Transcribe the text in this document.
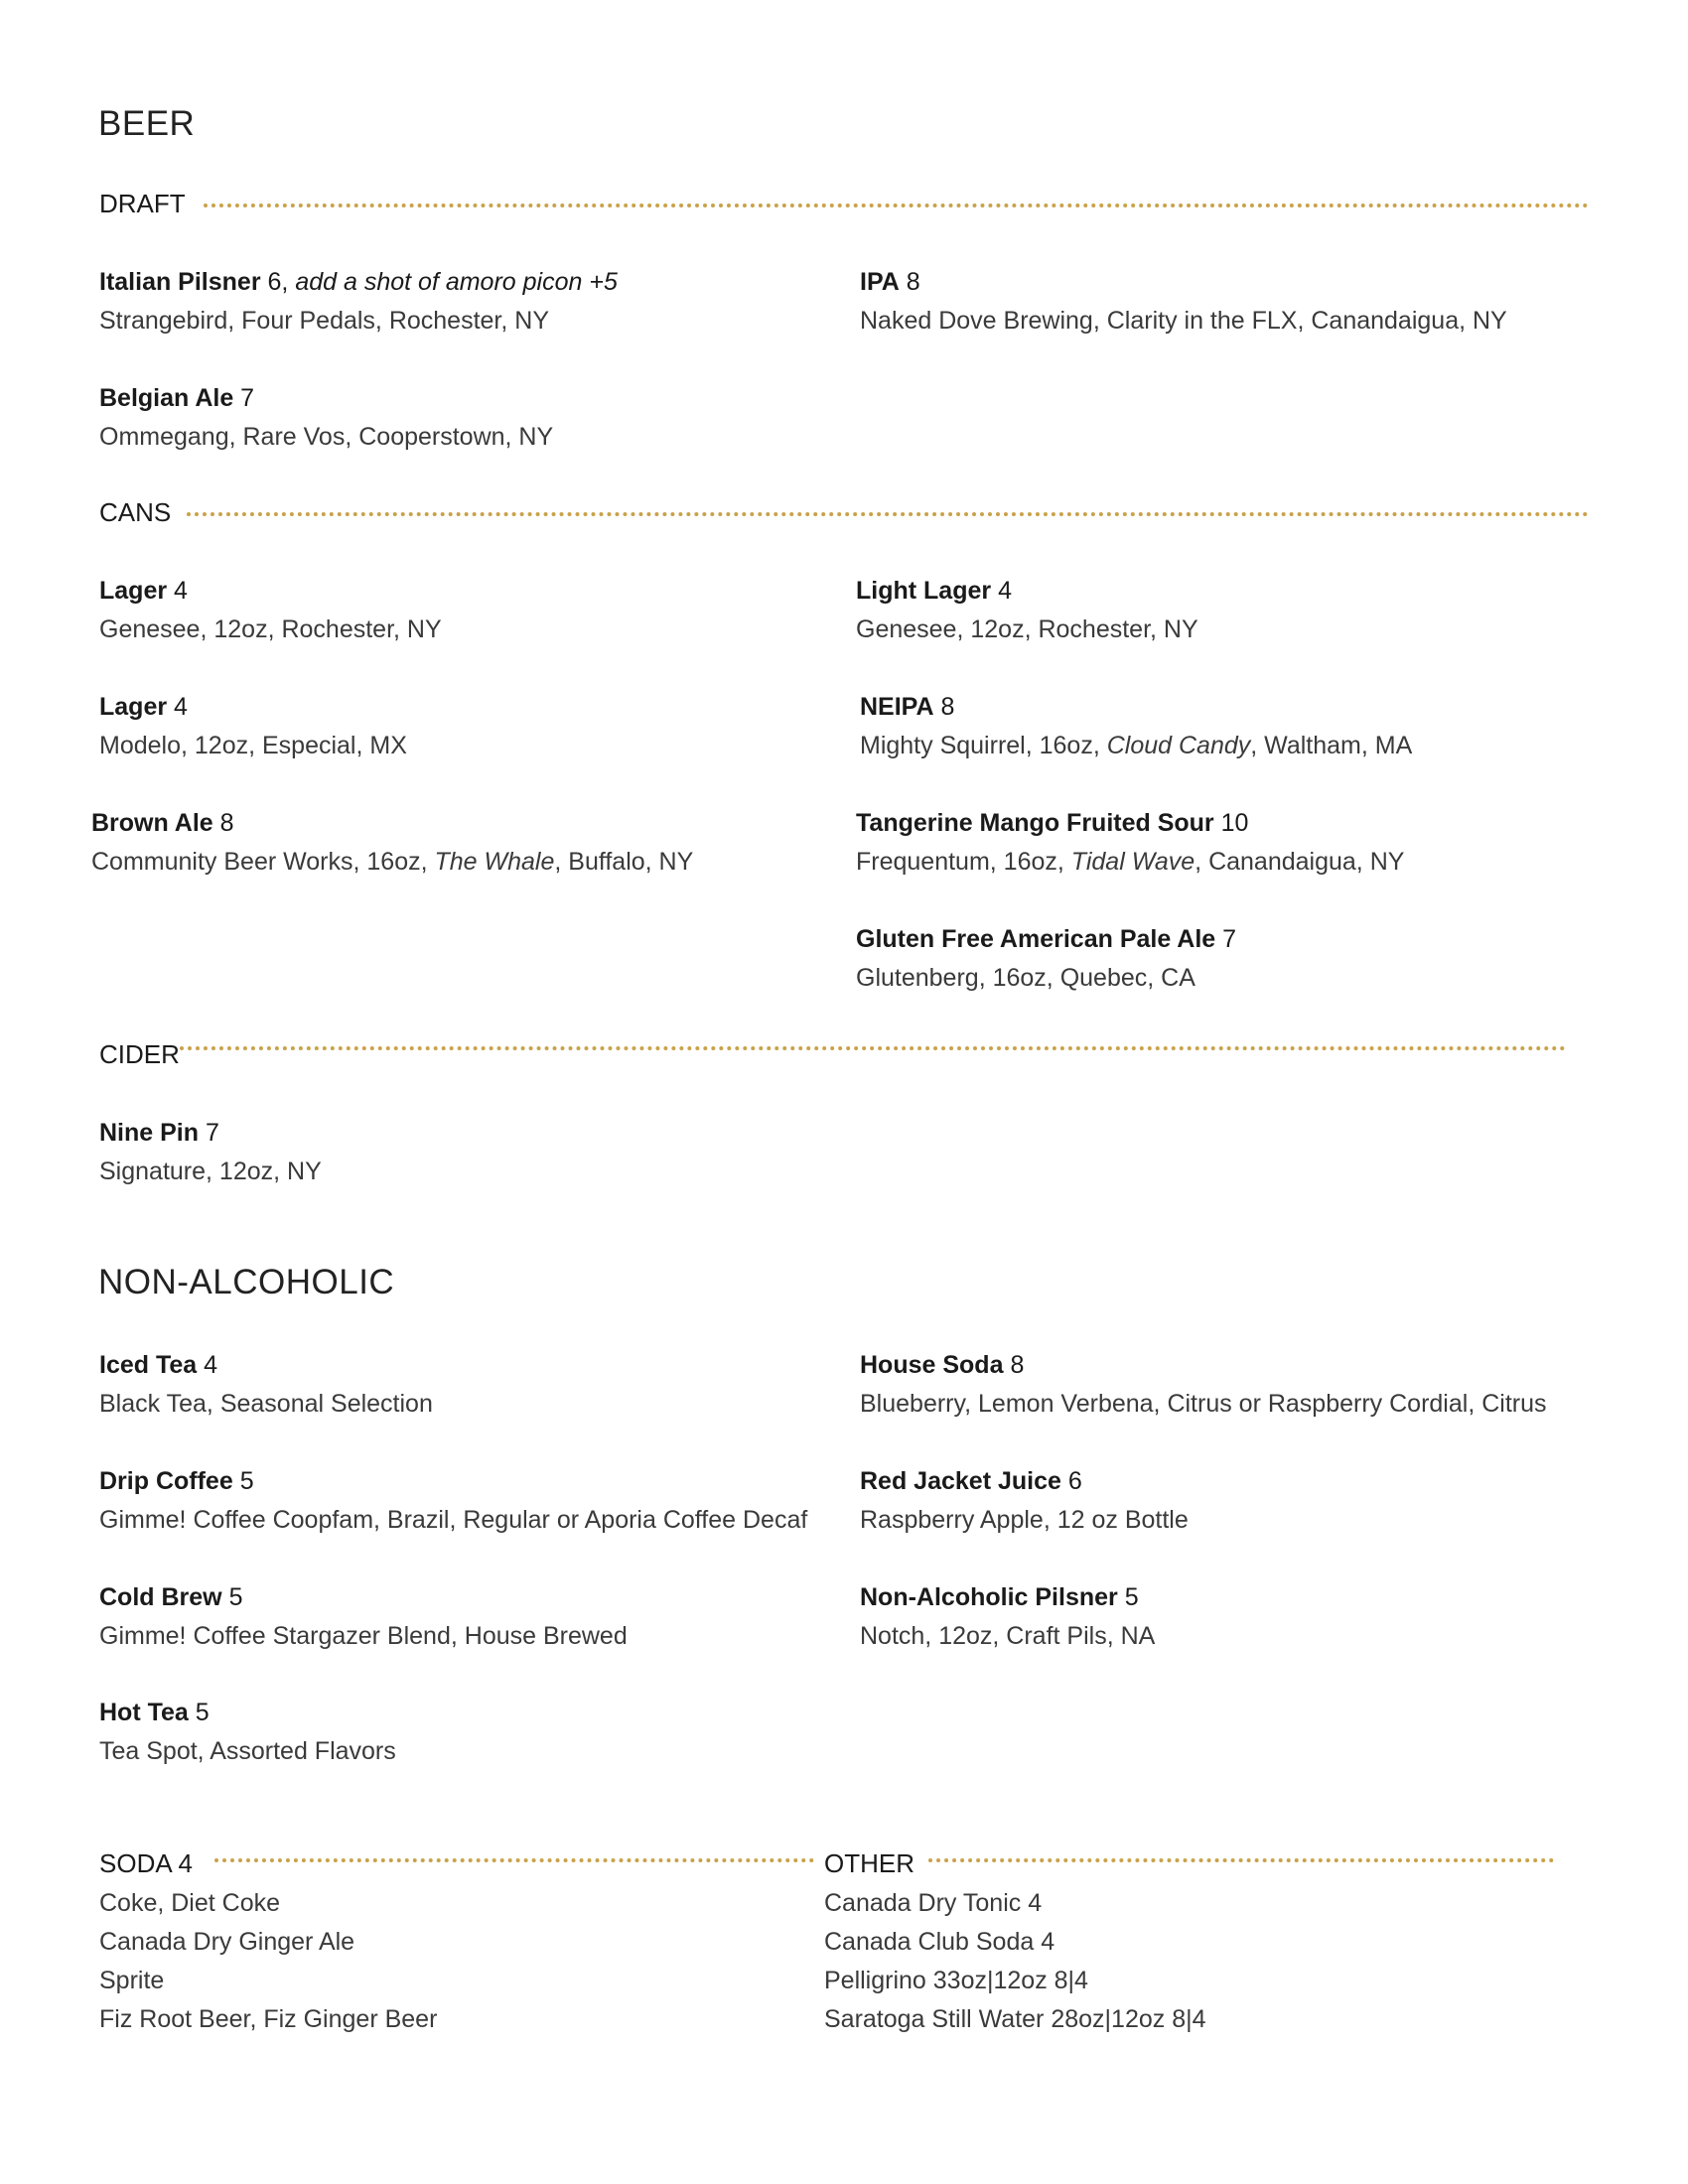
BEER
DRAFT
Italian Pilsner 6, add a shot of amoro picon +5
Strangebird, Four Pedals, Rochester, NY
IPA 8
Naked Dove Brewing, Clarity in the FLX, Canandaigua, NY
Belgian Ale 7
Ommegang, Rare Vos, Cooperstown, NY
CANS
Lager 4
Genesee, 12oz, Rochester, NY
Light Lager 4
Genesee, 12oz, Rochester, NY
Lager 4
Modelo, 12oz, Especial, MX
NEIPA 8
Mighty Squirrel, 16oz, Cloud Candy, Waltham, MA
Brown Ale 8
Community Beer Works, 16oz, The Whale, Buffalo, NY
Tangerine Mango Fruited Sour 10
Frequentum, 16oz, Tidal Wave, Canandaigua, NY
Gluten Free American Pale Ale 7
Glutenberg, 16oz, Quebec, CA
CIDER
Nine Pin 7
Signature, 12oz, NY
NON-ALCOHOLIC
Iced Tea 4
Black Tea, Seasonal Selection
House Soda 8
Blueberry, Lemon Verbena, Citrus or Raspberry Cordial, Citrus
Drip Coffee 5
Gimme! Coffee Coopfam, Brazil, Regular or Aporia Coffee Decaf
Red Jacket Juice 6
Raspberry Apple, 12 oz Bottle
Cold Brew 5
Gimme! Coffee Stargazer Blend, House Brewed
Non-Alcoholic Pilsner 5
Notch, 12oz, Craft Pils, NA
Hot Tea 5
Tea Spot, Assorted Flavors
SODA 4
Coke, Diet Coke
Canada Dry Ginger Ale
Sprite
Fiz Root Beer, Fiz Ginger Beer
OTHER
Canada Dry Tonic 4
Canada Club Soda 4
Pelligrino 33oz|12oz 8|4
Saratoga Still Water 28oz|12oz 8|4
